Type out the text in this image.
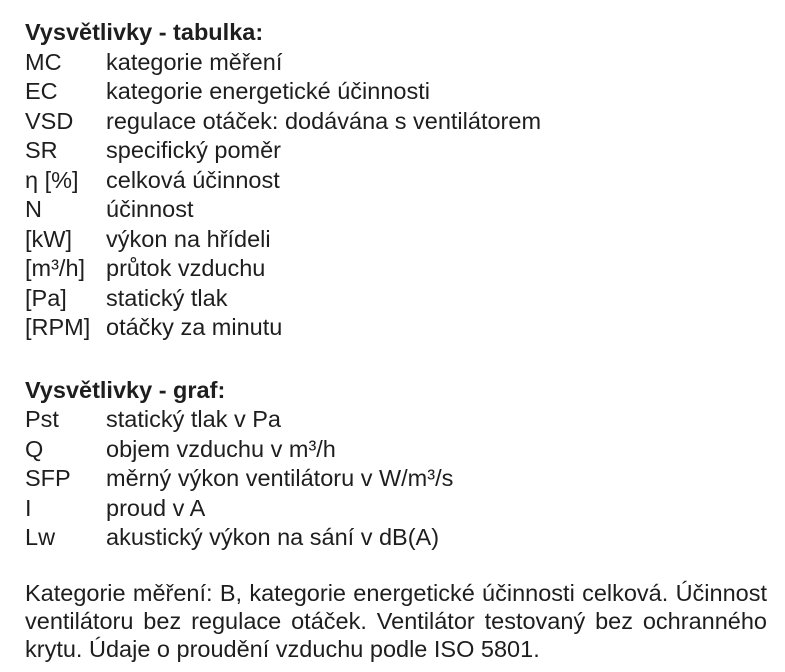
Vysvětlivky - tabulka:
MC	kategorie měření
EC	kategorie energetické účinnosti
VSD	regulace otáček: dodávána s ventilátorem
SR	specifický poměr
η [%]	celková účinnost
N	účinnost
[kW]	výkon na hřídeli
[m³/h] průtok vzduchu
[Pa]	statický tlak
[RPM] otáčky za minutu
Vysvětlivky - graf:
Pst	statický tlak v Pa
Q	objem vzduchu v m³/h
SFP	měrný výkon ventilátoru v W/m³/s
I	proud v A
Lw	akustický výkon na sání v dB(A)
Kategorie měření: B, kategorie energetické účinnosti celková. Účinnost
ventilátoru bez regulace otáček. Ventilátor testovaný bez ochranného
krytu. Údaje o proudění vzduchu podle ISO 5801.
